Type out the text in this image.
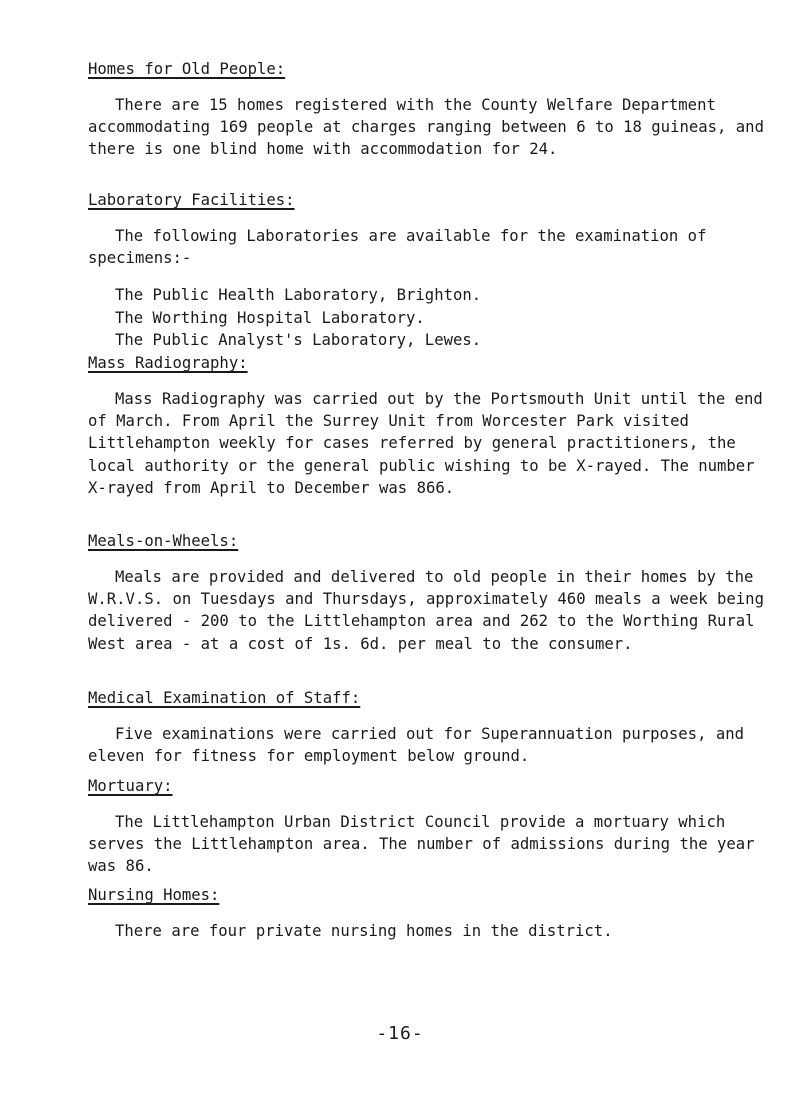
Homes for Old People:

There are 15 homes registered with the County Welfare Department accommodating 169 people at charges ranging between 6 to 18 guineas, and there is one blind home with accommodation for 24.

Laboratory Facilities:

The following Laboratories are available for the examination of specimens:-

The Public Health Laboratory, Brighton.
The Worthing Hospital Laboratory.
The Public Analyst's Laboratory, Lewes.
Mass Radiography:

Mass Radiography was carried out by the Portsmouth Unit until the end of March. From April the Surrey Unit from Worcester Park visited Littlehampton weekly for cases referred by general practitioners, the local authority or the general public wishing to be X-rayed. The number X-rayed from April to December was 866.

Meals-on-Wheels:

Meals are provided and delivered to old people in their homes by the W.R.V.S. on Tuesdays and Thursdays, approximately 460 meals a week being delivered - 200 to the Littlehampton area and 262 to the Worthing Rural West area - at a cost of 1s. 6d. per meal to the consumer.

Medical Examination of Staff:

Five examinations were carried out for Superannuation purposes, and eleven for fitness for employment below ground.

Mortuary:

The Littlehampton Urban District Council provide a mortuary which serves the Littlehampton area. The number of admissions during the year was 86.

Nursing Homes:

There are four private nursing homes in the district.

-16-
